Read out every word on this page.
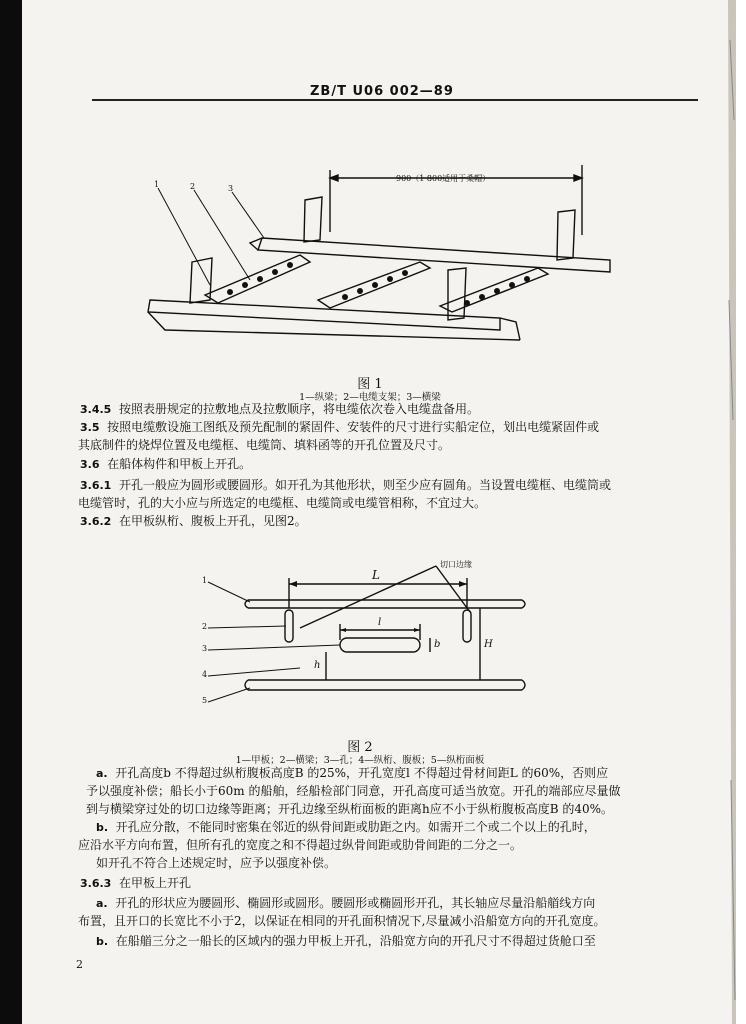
ZB/T U06 002—89
900（1 800适用于桑帽）
1	2	3
图 1
1—纵梁；2—电缆支架；3—横梁
3.4.5 按照表册规定的拉敷地点及拉敷顺序，将电缆依次卷入电缆盘备用。
3.5 按照电缆敷设施工图纸及预先配制的紧固件、安装件的尺寸进行实船定位，划出电缆紧固件或
其底制件的烧焊位置及电缆框、电缆筒、填料函等的开孔位置及尺寸。
3.6 在船体构件和甲板上开孔。
3.6.1 开孔一般应为圆形或腰圆形。如开孔为其他形状，则至少应有圆角。当设置电缆框、电缆筒或
电缆管时，孔的大小应与所选定的电缆框、电缆筒或电缆管相称，不宜过大。
3.6.2 在甲板纵桁、腹板上开孔，见图2。
1
2
3
4
5
切口边缘
L
l
b
h
H
图 2
1—甲板；2—横梁；3—孔；4—纵桁、腹板；5—纵桁面板
a. 开孔高度b 不得超过纵桁腹板高度B 的25%，开孔宽度l 不得超过骨材间距L 的60%，否则应
予以强度补偿；船长小于60m 的船舶，经船检部门同意，开孔高度可适当放宽。开孔的端部应尽量做
到与横梁穿过处的切口边缘等距离；开孔边缘至纵桁面板的距离h应不小于纵桁腹板高度B 的40%。
b. 开孔应分散，不能同时密集在邻近的纵骨间距或肋距之内。如需开二个或二个以上的孔时，
应沿水平方向布置，但所有孔的宽度之和不得超过纵骨间距或肋骨间距的二分之一。
如开孔不符合上述规定时，应予以强度补偿。
3.6.3 在甲板上开孔
a. 开孔的形状应为腰圆形、椭圆形或圆形。腰圆形或椭圆形开孔，其长轴应尽量沿船艏线方向
布置，且开口的长宽比不小于2，以保证在相同的开孔面积情况下,尽量减小沿船宽方向的开孔宽度。
b. 在船艏三分之一船长的区域内的强力甲板上开孔，沿船宽方向的开孔尺寸不得超过货舱口至
2
